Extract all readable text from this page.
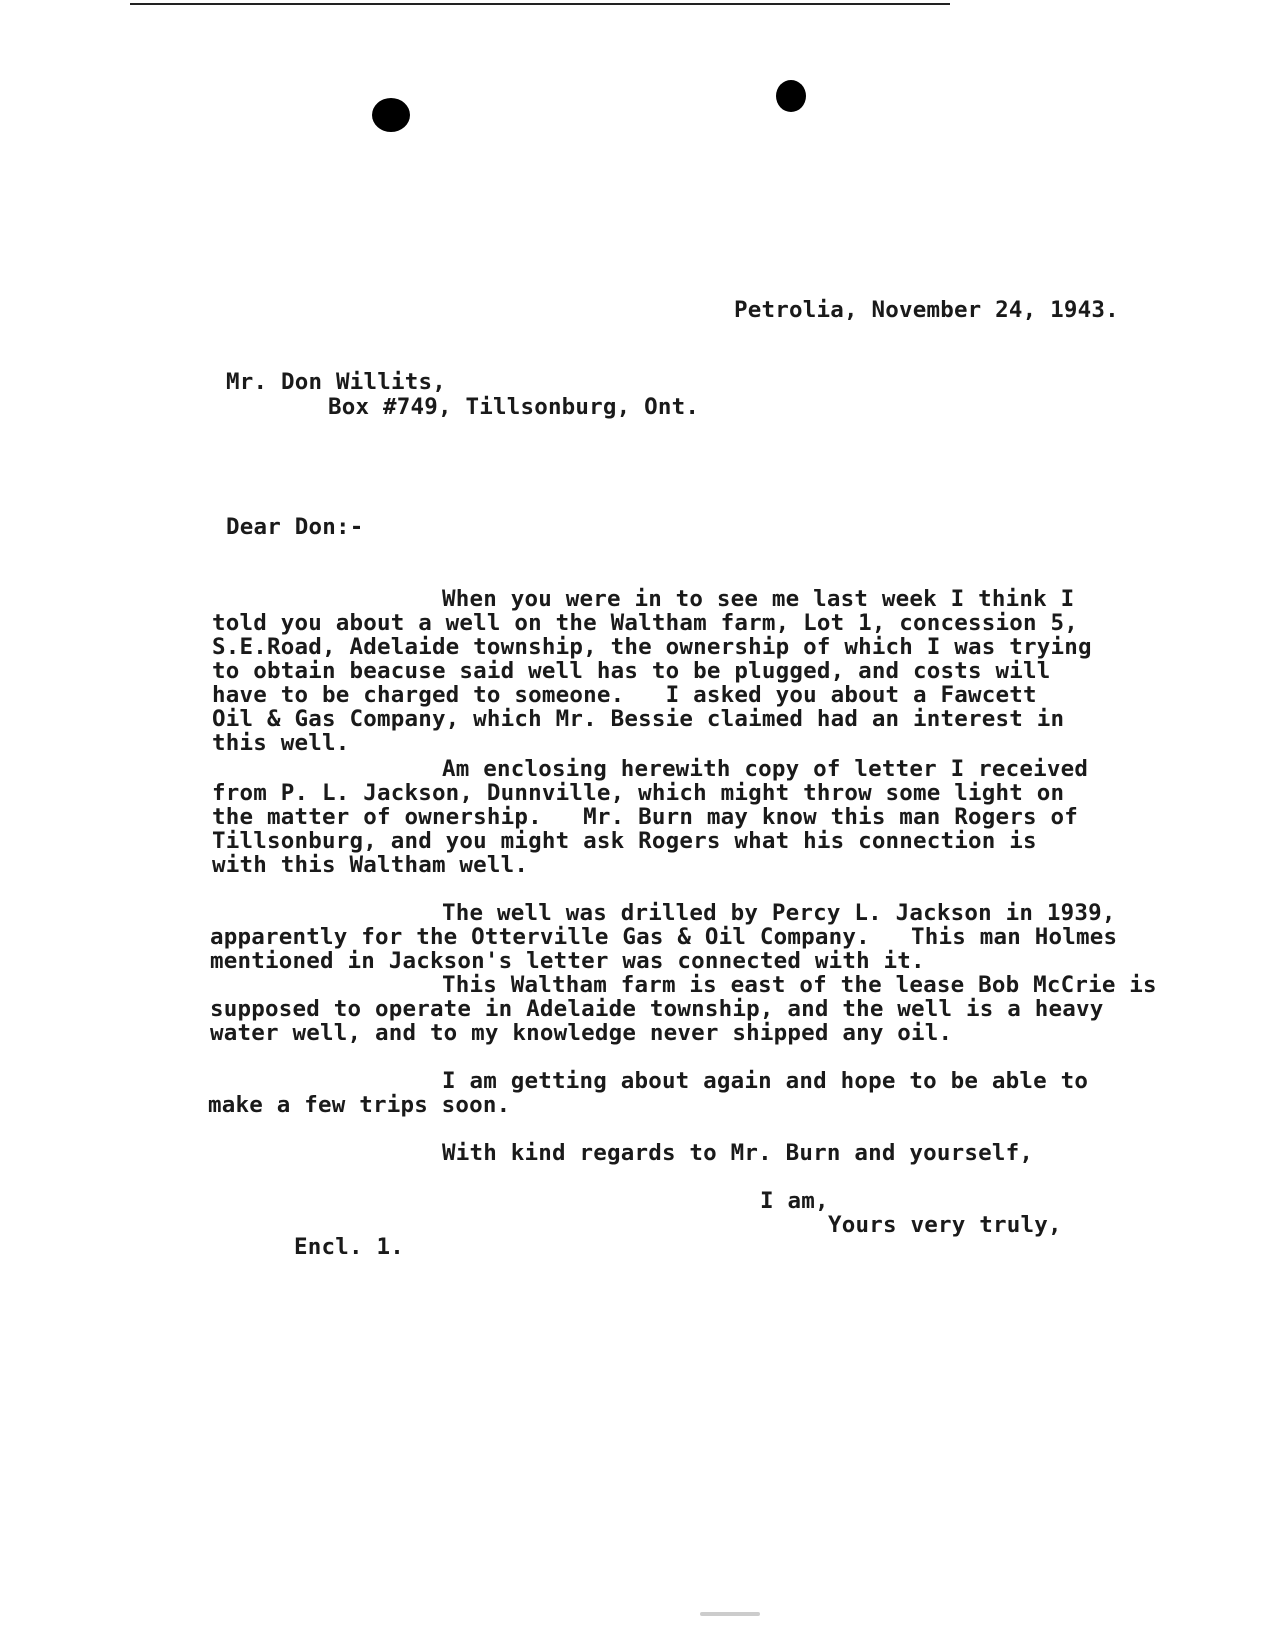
Petrolia, November 24, 1943.
Mr. Don Willits,
Box #749, Tillsonburg, Ont.
Dear Don:-
When you were in to see me last week I think I
told you about a well on the Waltham farm, Lot 1, concession 5,
S.E.Road, Adelaide township, the ownership of which I was trying
to obtain beacuse said well has to be plugged, and costs will
have to be charged to someone.   I asked you about a Fawcett
Oil & Gas Company, which Mr. Bessie claimed had an interest in
this well.
Am enclosing herewith copy of letter I received
from P. L. Jackson, Dunnville, which might throw some light on
the matter of ownership.   Mr. Burn may know this man Rogers of
Tillsonburg, and you might ask Rogers what his connection is
with this Waltham well.
The well was drilled by Percy L. Jackson in 1939,
apparently for the Otterville Gas & Oil Company.   This man Holmes
mentioned in Jackson's letter was connected with it.
This Waltham farm is east of the lease Bob McCrie is
supposed to operate in Adelaide township, and the well is a heavy
water well, and to my knowledge never shipped any oil.
I am getting about again and hope to be able to
make a few trips soon.
With kind regards to Mr. Burn and yourself,
I am,
Yours very truly,
Encl. 1.
